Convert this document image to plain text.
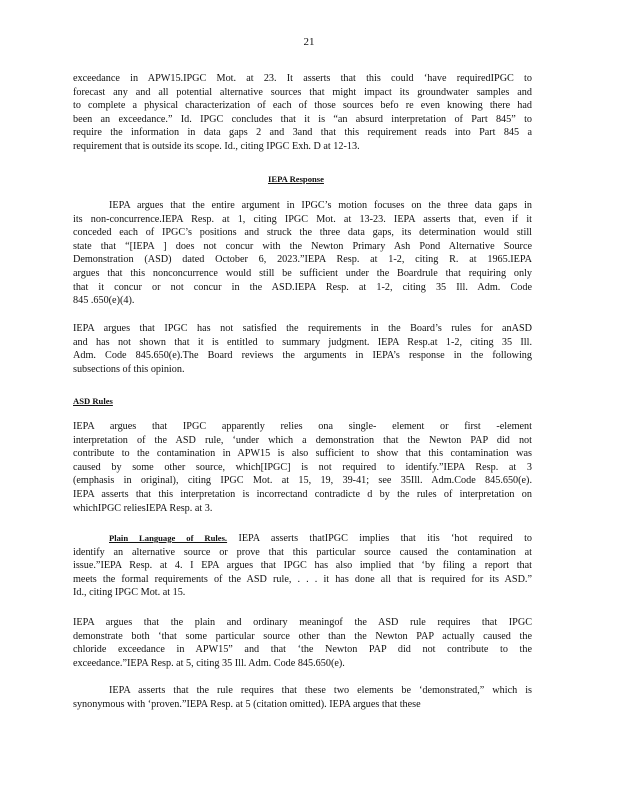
21
exceedance in APW15.IPGC Mot. at 23. It asserts that this could ‘have requiredIPGC to
forecast any and all potential alternative sources that might impact its groundwater samples and
to complete a physical characterization of each of those sources befo re even knowing there had
been an exceedance.” Id. IPGC concludes that it is “an absurd interpretation of Part 845” to
require the information in data gaps 2 and 3and that this requirement reads into Part 845 a
requirement that is outside its scope. Id., citing IPGC Exh. D at 12-13.
IEPA Response
IEPA argues that the entire argument in IPGC’s motion focuses on the three data gaps in
its non-concurrence.IEPA Resp. at 1, citing IPGC Mot. at 13-23. IEPA asserts that, even if it
conceded each of IPGC’s positions and struck the three data gaps, its determination would still
state that “[IEPA ] does not concur with the Newton Primary Ash Pond Alternative Source
Demonstration (ASD) dated October 6, 2023.”IEPA Resp. at 1-2, citing R. at 1965.IEPA
argues that this nonconcurrence would still be sufficient under the Boardrule that requiring only
that it concur or not concur in the ASD.IEPA Resp. at 1-2, citing 35 Ill. Adm. Code
845 .650(e)(4).
IEPA argues that IPGC has not satisfied the requirements in the Board’s rules for anASD
and has not shown that it is entitled to summary judgment. IEPA Resp.at 1-2, citing 35 Ill.
Adm. Code 845.650(e).The Board reviews the arguments in IEPA’s response in the following
subsections of this opinion.
ASD Rules
IEPA argues that IPGC apparently relies ona single- element or first -element
interpretation of the ASD rule, ‘under which a demonstration that the Newton PAP did not
contribute to the contamination in APW15 is also sufficient to show that this contamination was
caused by some other source, which[IPGC] is not required to identify.”IEPA Resp. at 3
(emphasis in original), citing IPGC Mot. at 15, 19, 39-41; see 35Ill. Adm.Code 845.650(e).
IEPA asserts that this interpretation is incorrectand contradicte d by the rules of interpretation on
whichIPGC reliesIEPA Resp. at 3.
Plain Language of Rules. IEPA asserts thatIPGC implies that itis ‘hot required to
identify an alternative source or prove that this particular source caused the contamination at
issue.”IEPA Resp. at 4. I EPA argues that IPGC has also implied that ‘by filing a report that
meets the formal requirements of the ASD rule, . . . it has done all that is required for its ASD.”
Id., citing IPGC Mot. at 15.
IEPA argues that the plain and ordinary meaningof the ASD rule requires that IPGC
demonstrate both ‘that some particular source other than the Newton PAP actually caused the
chloride exceedance in APW15” and that ‘the Newton PAP did not contribute to the
exceedance.”IEPA Resp. at 5, citing 35 Ill. Adm. Code 845.650(e).
IEPA asserts that the rule requires that these two elements be ‘demonstrated,” which is
synonymous with ‘proven.”IEPA Resp. at 5 (citation omitted). IEPA argues that these
